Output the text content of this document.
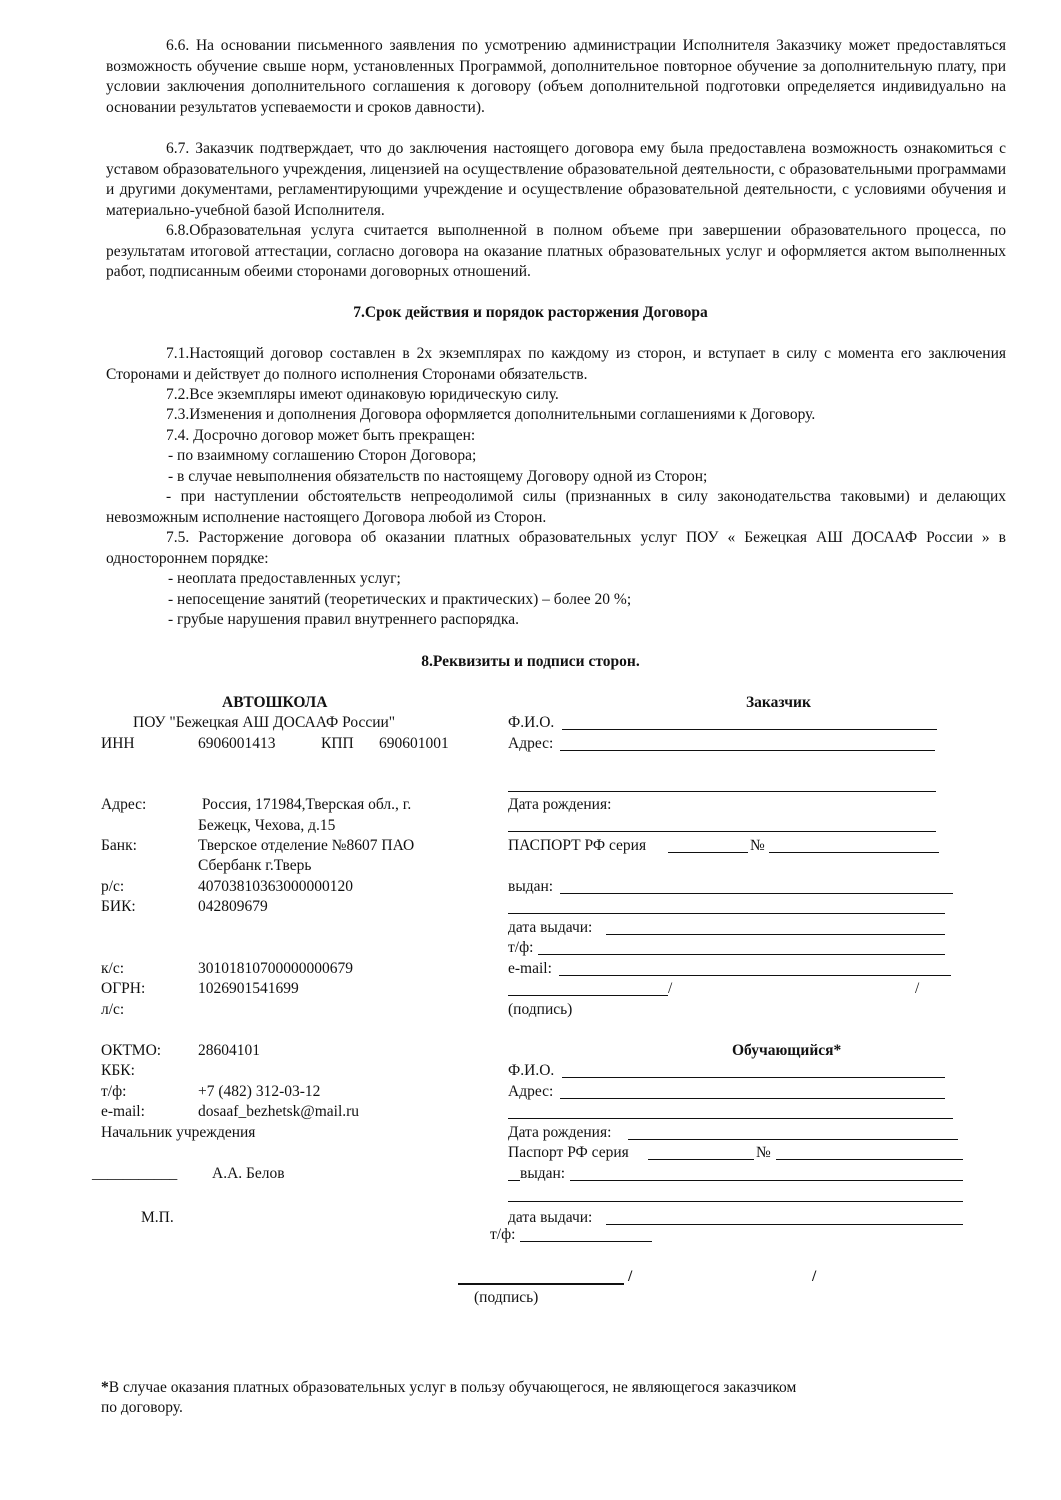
6.6. На основании письменного заявления по усмотрению администрации Исполнителя Заказчику может предоставляться возможность обучение свыше норм, установленных Программой, дополнительное повторное обучение за дополнительную плату, при условии заключения дополнительного соглашения к договору (объем дополнительной подготовки определяется индивидуально на основании результатов успеваемости и сроков давности).

6.7. Заказчик подтверждает, что до заключения настоящего договора ему была предоставлена возможность ознакомиться с уставом образовательного учреждения, лицензией на осуществление образовательной деятельности, с образовательными программами и другими документами, регламентирующими учреждение и осуществление образовательной деятельности, с условиями обучения и материально-учебной базой Исполнителя.

6.8.Образовательная услуга считается выполненной в полном объеме при завершении образовательного процесса, по результатам итоговой аттестации, согласно договора на оказание платных образовательных услуг и оформляется актом выполненных работ, подписанным обеими сторонами договорных отношений.

7.Срок действия и порядок расторжения Договора

7.1.Настоящий договор составлен в 2х экземплярах по каждому из сторон, и вступает в силу с момента его заключения Сторонами и действует до полного исполнения Сторонами обязательств.

7.2.Все экземпляры имеют одинаковую юридическую силу.

7.3.Изменения и дополнения Договора оформляется дополнительными соглашениями к Договору.

7.4. Досрочно договор может быть прекращен:

- по взаимному соглашению Сторон Договора;

- в случае невыполнения обязательств по настоящему Договору одной из Сторон;

- при наступлении обстоятельств непреодолимой силы (признанных в силу законодательства таковыми) и делающих невозможным исполнение настоящего Договора любой из Сторон.

7.5. Расторжение договора об оказании платных образовательных услуг ПОУ « Бежецкая АШ ДОСААФ России » в одностороннем порядке:

- неоплата предоставленных услуг;

- непосещение занятий (теоретических и практических) – более 20 %;

- грубые нарушения правил внутреннего распорядка.

8.Реквизиты и подписи сторон.

АВТОШКОЛА

ПОУ "Бежецкая АШ ДОСААФ России"

ИНН	6906001413	КПП 690601001

Адрес:	Россия, 171984,Тверская обл., г.

Бежецк, Чехова, д.15

Банк:	Тверское отделение №8607 ПАО

Сбербанк г.Тверь

р/с:	40703810363000000120

БИК:	042809679

к/с:	30101810700000000679

ОГРН:	1026901541699

л/с:

ОКТМО: 28604101

КБК:

т/ф:	+7 (482) 312-03-12

e-mail:	dosaaf_bezhetsk@mail.ru

Начальник учреждения

___________ А.А. Белов

М.П.

Заказчик

Ф.И.О.

Адрес:

Дата рождения:

ПАСПОРТ РФ серия	№

выдан:

дата выдачи:

т/ф:

e-mail:

/	/

(подпись)

Обучающийся*

Ф.И.О.

Адрес:

Дата рождения:

Паспорт РФ серия	№

выдан:

дата выдачи:

т/ф:

/	/

(подпись)

*В случае оказания платных образовательных услуг в пользу обучающегося, не являющегося заказчиком

по договору.
